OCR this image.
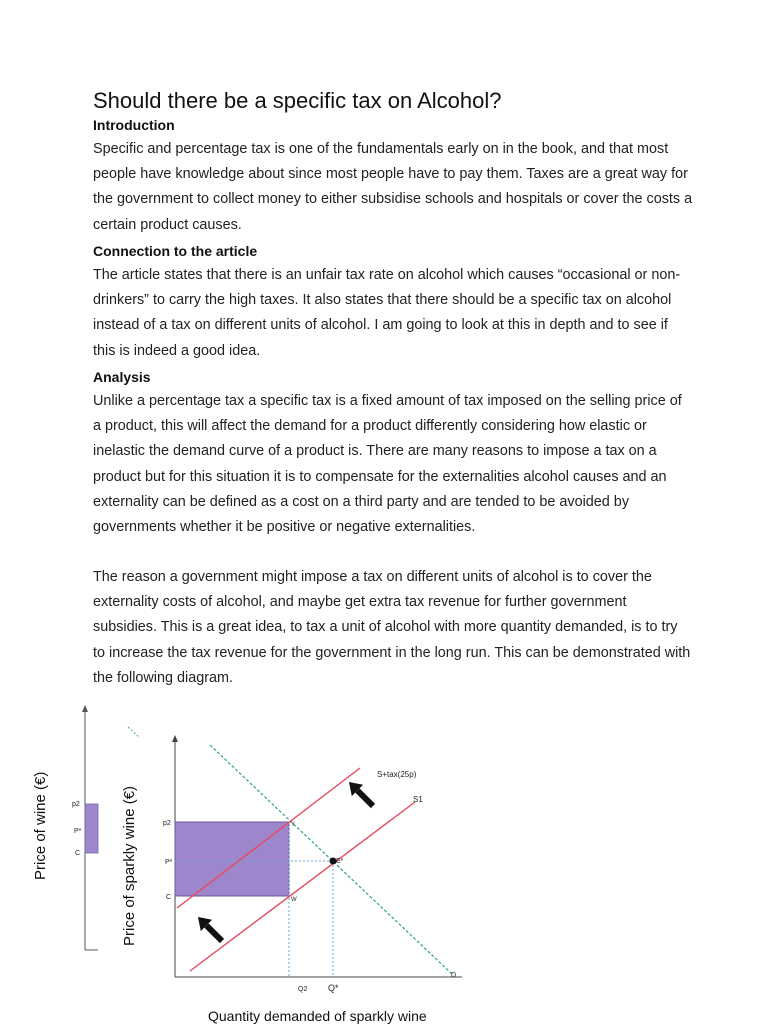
Should there be a specific tax on Alcohol?
Introduction

Specific and percentage tax is one of the fundamentals early on in the book, and that most people have knowledge about since most people have to pay them. Taxes are a great way for the government to collect money to either subsidise schools and hospitals or cover the costs a certain product causes.

Connection to the article

The article states that there is an unfair tax rate on alcohol which causes “occasional or non-drinkers” to carry the high taxes. It also states that there should be a specific tax on alcohol instead of a tax on different units of alcohol. I am going to look at this in depth and to see if this is indeed a good idea.

Analysis

Unlike a percentage tax a specific tax is a fixed amount of tax imposed on the selling price of a product, this will affect the demand for a product differently considering how elastic or inelastic the demand curve of a product is. There are many reasons to impose a tax on a product but for this situation it is to compensate for the externalities alcohol causes and an externality can be defined as a cost on a third party and are tended to be avoided by governments whether it be positive or negative externalities.

The reason a government might impose a tax on different units of alcohol is to cover the externality costs of alcohol, and maybe get extra tax revenue for further government subsidies. This is a great idea, to tax a unit of alcohol with more quantity demanded, is to try to increase the tax revenue for the government in the long run. This can be demonstrated with the following diagram.

p2
P*
C
p2
P*
C
Q2 Q*
S+tax(25p)
S1
D
E*
Y
W
Price of wine (€)	Price of sparkly wine (€)
Quantity demanded of sparkly wine
